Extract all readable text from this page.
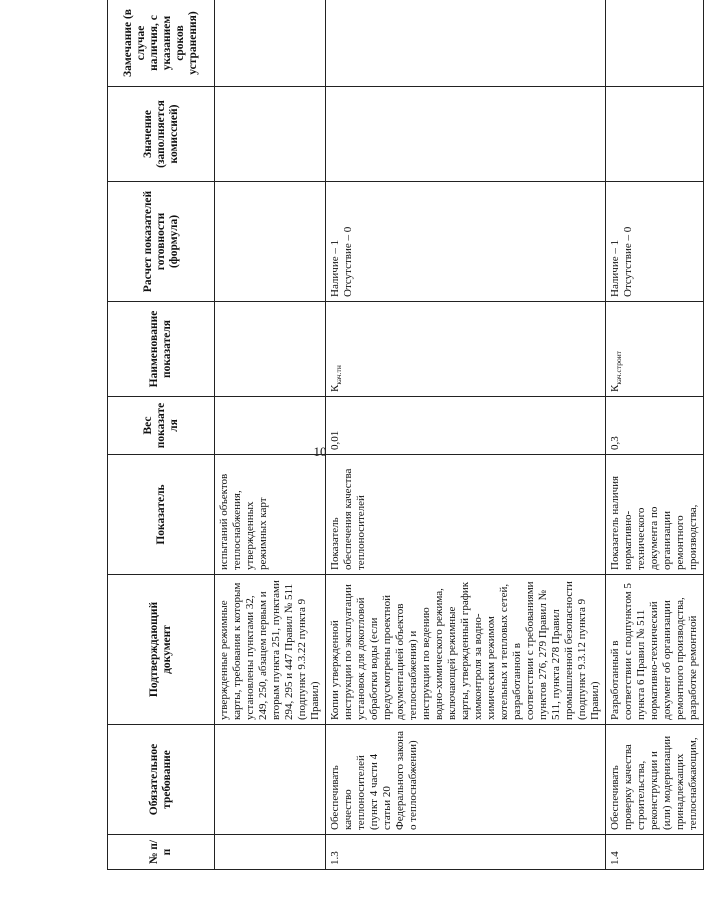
10
№ п/п	Обязательное требование	Подтверждающий документ	Показатель	Вес показателя	Наименование показателя	Расчет показателей готовности (формула)	Значение (заполняется комиссией)	Замечание (в случае наличия, с указанием сроков устранения)
		утвержденные режимные карты, требования к которым установлены пунктами 32, 249, 250, абзацем первым и вторым пункта 251, пунктами 294, 295 и 447 Правил № 511 (подпункт 9.3.22 пункта 9 Правил)	испытаний объектов теплоснабжения, утвержденных режимных карт					
1.3	Обеспечивать качество теплоносителей (пункт 4 части 4 статьи 20 Федерального закона о теплоснабжении)	Копии утвержденной инструкции по эксплуатации установок для докотловой обработки воды (если предусмотрены проектной документацией объектов теплоснабжения) и инструкции по ведению водно-химического режима, включающей режимные карты, утвержденный график химконтроля за водно-химическим режимом котельных и тепловых сетей, разработанной в соответствии с требованиями пунктов 276, 279 Правил № 511, пункта 278 Правил промышленной безопасности (подпункт 9.3.12 пункта 9 Правил)	Показатель обеспечения качества теплоносителей	0,01	$К_{кач.тн}$	Наличие – 1 Отсутствие – 0		
1.4	Обеспечивать проверку качества строительства, реконструкции и (или) модернизации принадлежащих теплоснабжающим,	Разработанный в соответствии с подпунктом 5 пункта 6 Правил № 511 нормативно-технический документ об организации ремонтного производства, разработке ремонтной	Показатель наличия нормативно-технического документа по организации ремонтного производства,	0,3	$К_{кач.строит}$	Наличие – 1 Отсутствие – 0		
